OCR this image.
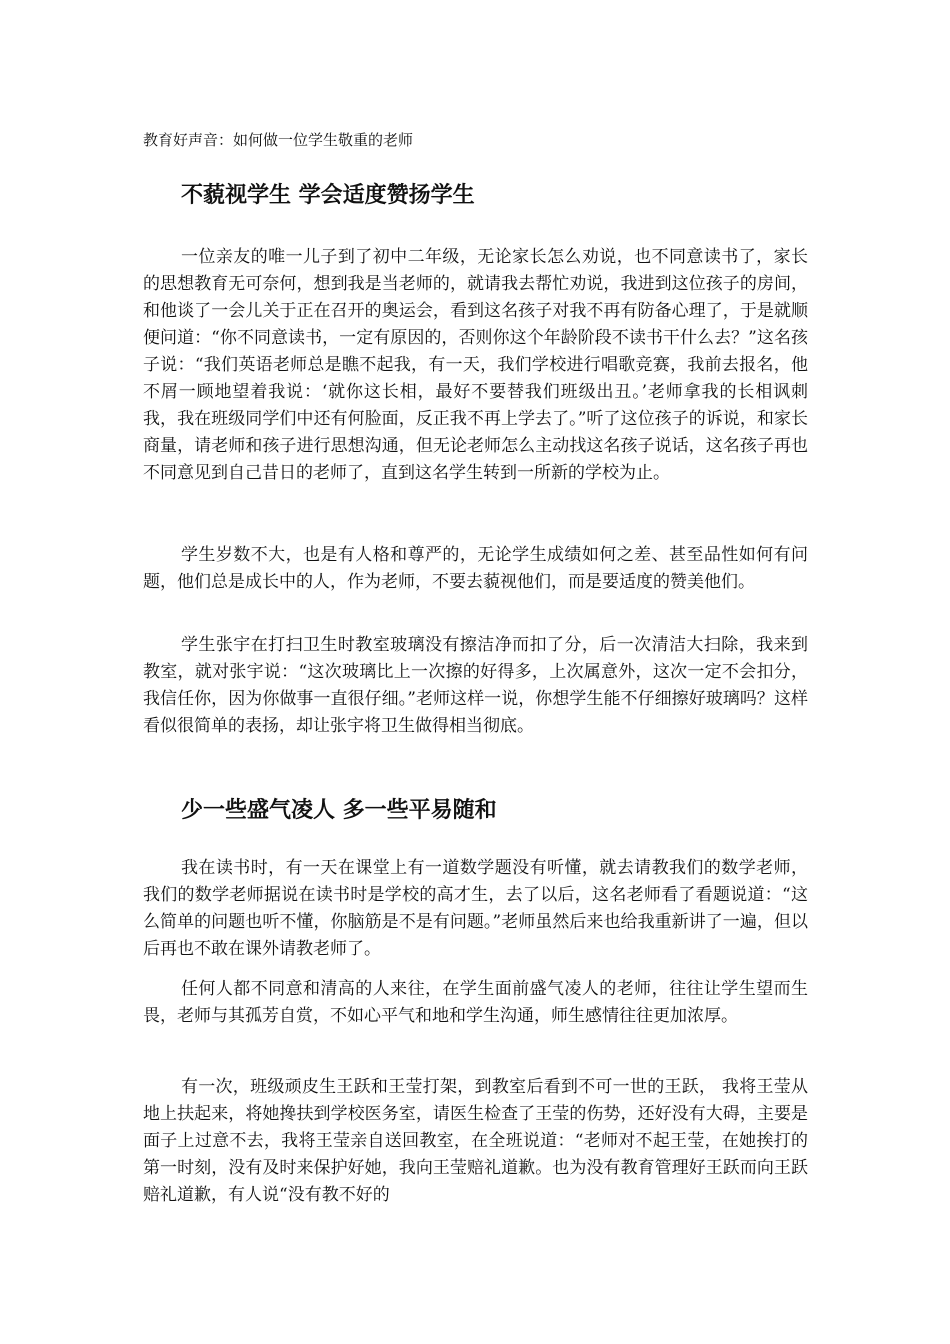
教育好声音：如何做一位学生敬重的老师
不藐视学生 学会适度赞扬学生

一位亲友的唯一儿子到了初中二年级，无论家长怎么劝说，也不同意读书了，家长的思想教育无可奈何，想到我是当老师的，就请我去帮忙劝说，我进到这位孩子的房间，和他谈了一会儿关于正在召开的奥运会，看到这名孩子对我不再有防备心理了，于是就顺便问道：“你不同意读书，一定有原因的，否则你这个年龄阶段不读书干什么去？”这名孩子说：“我们英语老师总是瞧不起我，有一天，我们学校进行唱歌竞赛，我前去报名，他不屑一顾地望着我说：‘就你这长相，最好不要替我们班级出丑。’老师拿我的长相讽刺我，我在班级同学们中还有何脸面，反正我不再上学去了。”听了这位孩子的诉说，和家长商量，请老师和孩子进行思想沟通，但无论老师怎么主动找这名孩子说话，这名孩子再也不同意见到自己昔日的老师了，直到这名学生转到一所新的学校为止。

学生岁数不大，也是有人格和尊严的，无论学生成绩如何之差、甚至品性如何有问题，他们总是成长中的人，作为老师，不要去藐视他们，而是要适度的赞美他们。

学生张宇在打扫卫生时教室玻璃没有擦洁净而扣了分，后一次清洁大扫除，我来到教室，就对张宇说：“这次玻璃比上一次擦的好得多，上次属意外，这次一定不会扣分，我信任你，因为你做事一直很仔细。”老师这样一说，你想学生能不仔细擦好玻璃吗？这样看似很简单的表扬，却让张宇将卫生做得相当彻底。

少一些盛气凌人 多一些平易随和

我在读书时，有一天在课堂上有一道数学题没有听懂，就去请教我们的数学老师，我们的数学老师据说在读书时是学校的高才生，去了以后，这名老师看了看题说道：“这么简单的问题也听不懂，你脑筋是不是有问题。”老师虽然后来也给我重新讲了一遍，但以后再也不敢在课外请教老师了。

任何人都不同意和清高的人来往，在学生面前盛气凌人的老师，往往让学生望而生畏，老师与其孤芳自赏，不如心平气和地和学生沟通，师生感情往往更加浓厚。

有一次，班级顽皮生王跃和王莹打架，到教室后看到不可一世的王跃， 我将王莹从地上扶起来，将她搀扶到学校医务室，请医生检查了王莹的伤势，还好没有大碍，主要是面子上过意不去，我将王莹亲自送回教室，在全班说道：“老师对不起王莹，在她挨打的第一时刻，没有及时来保护好她，我向王莹赔礼道歉。也为没有教育管理好王跃而向王跃赔礼道歉，有人说“没有教不好的
